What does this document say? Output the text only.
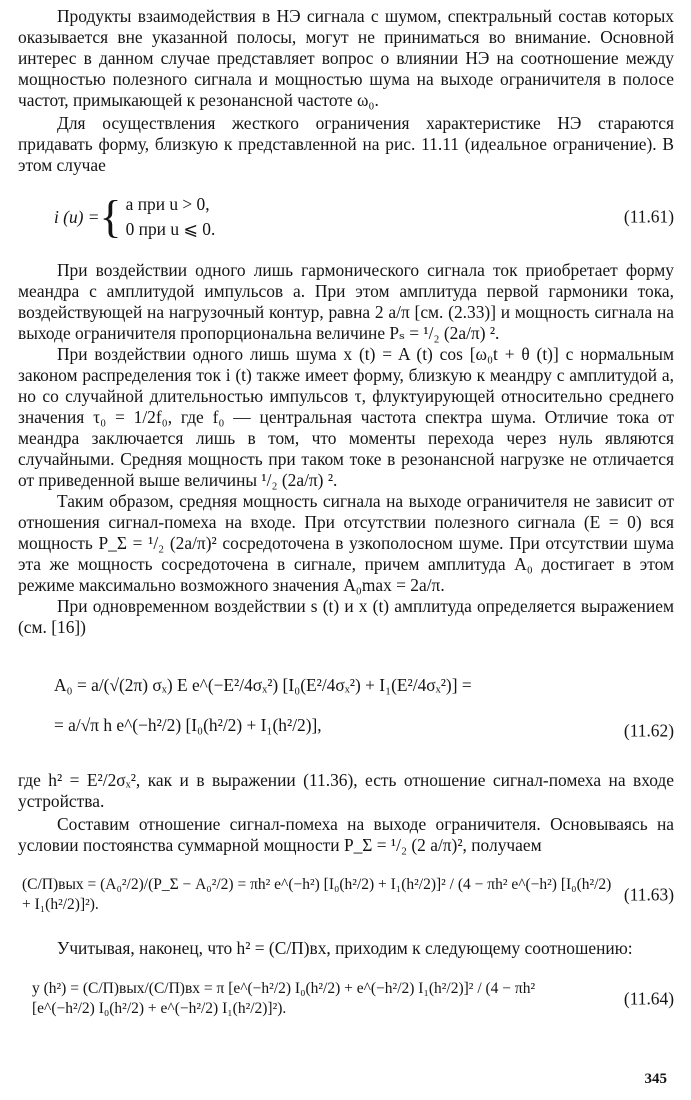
Продукты взаимодействия в НЭ сигнала с шумом, спектральный состав которых оказывается вне указанной полосы, могут не приниматься во внимание. Основной интерес в данном случае представляет вопрос о влиянии НЭ на соотношение между мощностью полезного сигнала и мощностью шума на выходе ограничителя в полосе частот, примыкающей к резонансной частоте ω₀.

Для осуществления жесткого ограничения характеристике НЭ стараются придавать форму, близкую к представленной на рис. 11.11 (идеальное ограничение). В этом случае

i (u) = { a при u > 0,
0 при u ⩽ 0.
(11.61)

При воздействии одного лишь гармонического сигнала ток приобретает форму меандра с амплитудой импульсов a. При этом амплитуда первой гармоники тока, воздействующей на нагрузочный контур, равна 2 a/π [см. (2.33)] и мощность сигнала на выходе ограничителя пропорциональна величине Pₛ = ¹/₂ (2a/π) ².

При воздействии одного лишь шума x (t) = A (t) cos [ω₀t + θ (t)] с нормальным законом распределения ток i (t) также имеет форму, близкую к меандру с амплитудой a, но со случайной длительностью импульсов τ, флуктуирующей относительно среднего значения τ₀ = 1/2f₀, где f₀ — центральная частота спектра шума. Отличие тока от меандра заключается лишь в том, что моменты перехода через нуль являются случайными. Средняя мощность при таком токе в резонансной нагрузке не отличается от приведенной выше величины ¹/₂ (2a/π) ².

Таким образом, средняя мощность сигнала на выходе ограничителя не зависит от отношения сигнал-помеха на входе. При отсутствии полезного сигнала (E = 0) вся мощность P_Σ = ¹/₂ (2a/π)² сосредоточена в узкополосном шуме. При отсутствии шума эта же мощность сосредоточена в сигнале, причем амплитуда A₀ достигает в этом режиме максимально возможного значения A₀max = 2a/π.

При одновременном воздействии s (t) и x (t) амплитуда определяется выражением (см. [16])

A₀ = a/(√(2π) σₓ) E e^(−E²/4σₓ²) [I₀(E²/4σₓ²) + I₁(E²/4σₓ²)] =
= a/√π h e^(−h²/2) [I₀(h²/2) + I₁(h²/2)],	(11.62)

где h² = E²/2σₓ², как и в выражении (11.36), есть отношение сигнал-помеха на входе устройства.

Составим отношение сигнал-помеха на выходе ограничителя. Основываясь на условии постоянства суммарной мощности P_Σ = ¹/₂ (2 a/π)², получаем

(С/П)вых = (A₀²/2)/(P_Σ − A₀²/2) = πh² e^(−h²) [I₀(h²/2) + I₁(h²/2)]² / (4 − πh² e^(−h²) [I₀(h²/2) + I₁(h²/2)]²).	(11.63)

Учитывая, наконец, что h² = (С/П)вх, приходим к следующему соотношению:

y (h²) = (С/П)вых/(С/П)вх = π [e^(−h²/2) I₀(h²/2) + e^(−h²/2) I₁(h²/2)]² / (4 − πh² [e^(−h²/2) I₀(h²/2) + e^(−h²/2) I₁(h²/2)]²).	(11.64)
345
